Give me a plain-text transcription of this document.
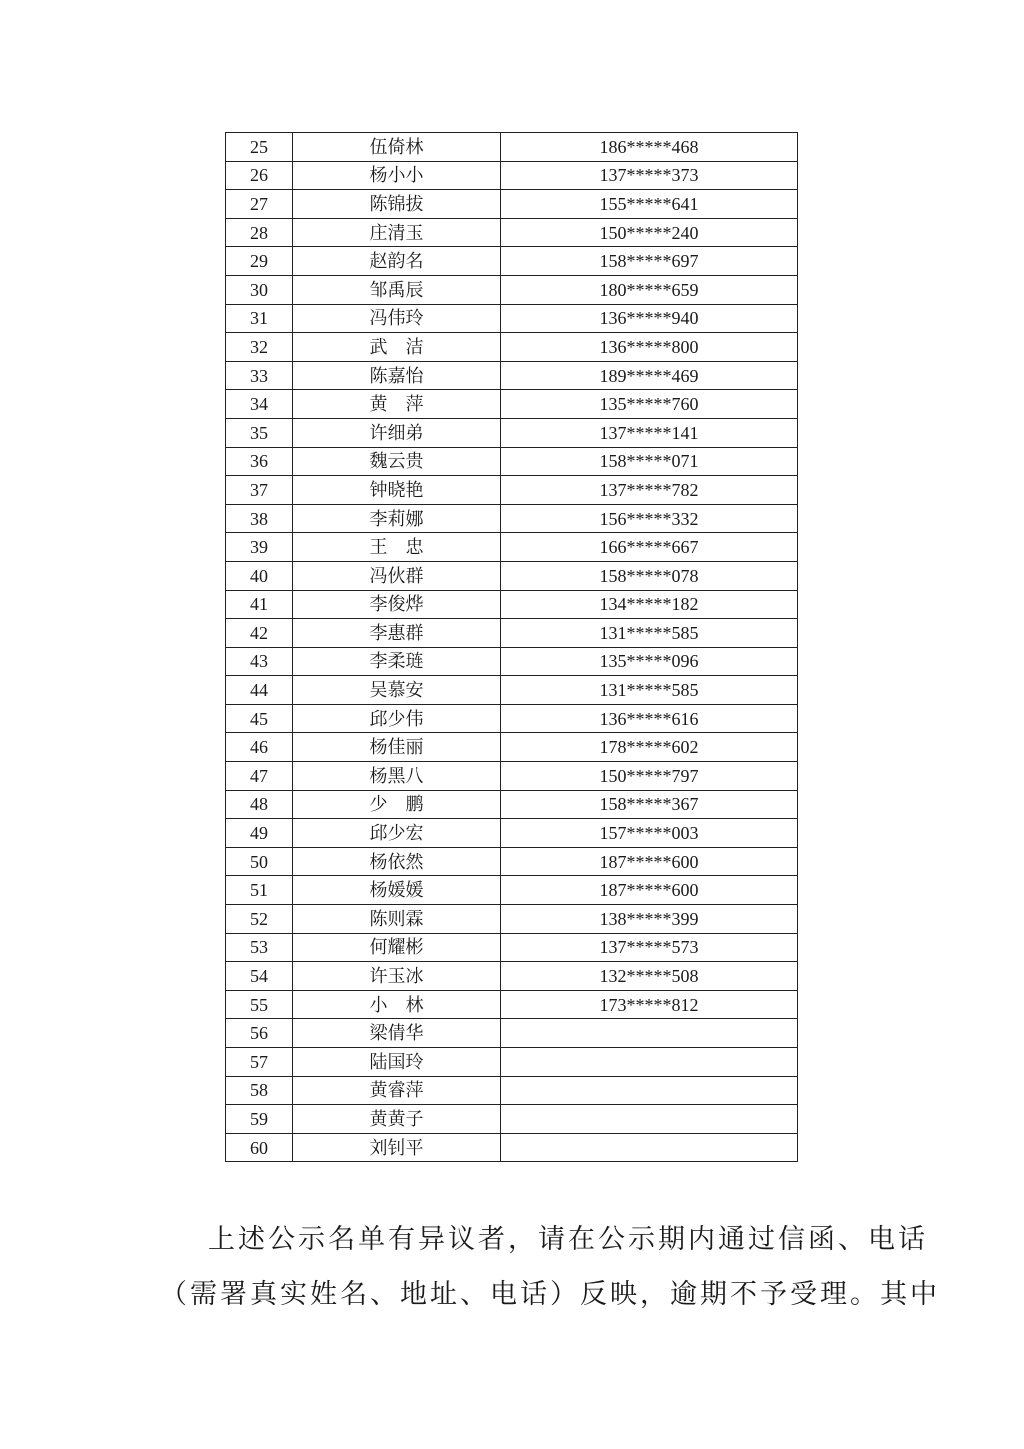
25	伍倚林	186*****468
26	杨小小	137*****373
27	陈锦拔	155*****641
28	庄清玉	150*****240
29	赵韵名	158*****697
30	邹禹辰	180*****659
31	冯伟玲	136*****940
32	武　洁	136*****800
33	陈嘉怡	189*****469
34	黄　萍	135*****760
35	许细弟	137*****141
36	魏云贵	158*****071
37	钟晓艳	137*****782
38	李莉娜	156*****332
39	王　忠	166*****667
40	冯伙群	158*****078
41	李俊烨	134*****182
42	李惠群	131*****585
43	李柔琏	135*****096
44	吴慕安	131*****585
45	邱少伟	136*****616
46	杨佳丽	178*****602
47	杨黑八	150*****797
48	少　鹏	158*****367
49	邱少宏	157*****003
50	杨依然	187*****600
51	杨媛媛	187*****600
52	陈则霖	138*****399
53	何耀彬	137*****573
54	许玉冰	132*****508
55	小　林	173*****812
56	梁倩华	
57	陆国玲	
58	黄睿萍	
59	黄黄子	
60	刘钊平	
上述公示名单有异议者，请在公示期内通过信函、电话
（需署真实姓名、地址、电话）反映，逾期不予受理。其中
